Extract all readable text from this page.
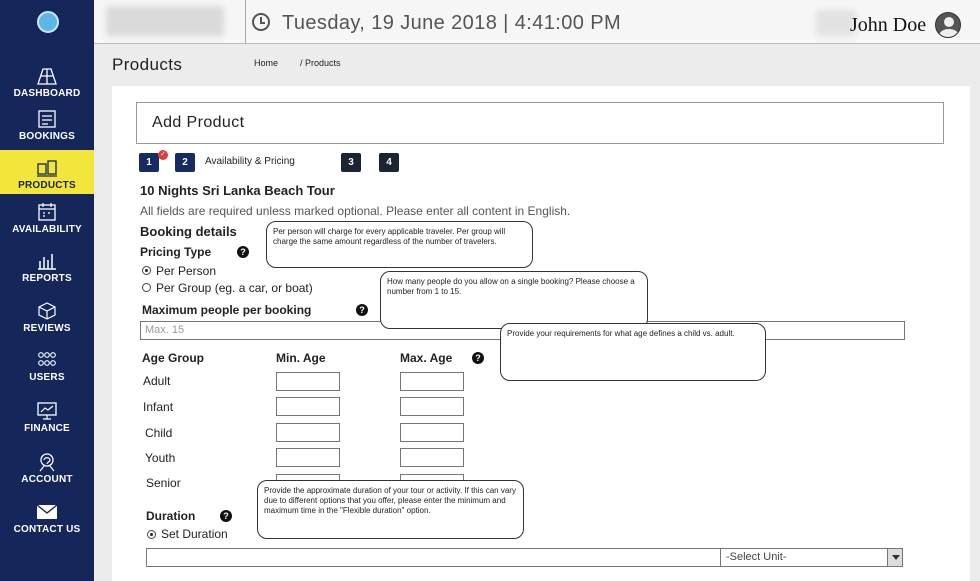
DASHBOARD
BOOKINGS
PRODUCTS
AVAILABILITY
REPORTS
REVIEWS
USERS
FINANCE
ACCOUNT
CONTACT US
Tuesday, 19 June 2018 | 4:41:00 PM	John Doe
Products	Home / Products
Add Product
1
✓
2	Availability & Pricing	3	4
10 Nights Sri Lanka Beach Tour
All fields are required unless marked optional. Please enter all content in English.
Booking details
Pricing Type	?
Per Person
Per Group (eg. a car, or boat)
Maximum people per booking	?
Max. 15
Age Group	Min. Age	Max. Age	?
Adult
Infant
Child
Youth
Senior
Duration	?
Set Duration
-Select Unit-
Per person will charge for every applicable traveler. Per group will charge the same amount regardless of the number of travelers.
How many people do you allow on a single booking? Please choose a number from 1 to 15.
Provide your requirements for what age defines a child vs. adult.
Provide the approximate duration of your tour or activity. If this can vary due to different options that you offer, please enter the minimum and maximum time in the "Flexible duration" option.
